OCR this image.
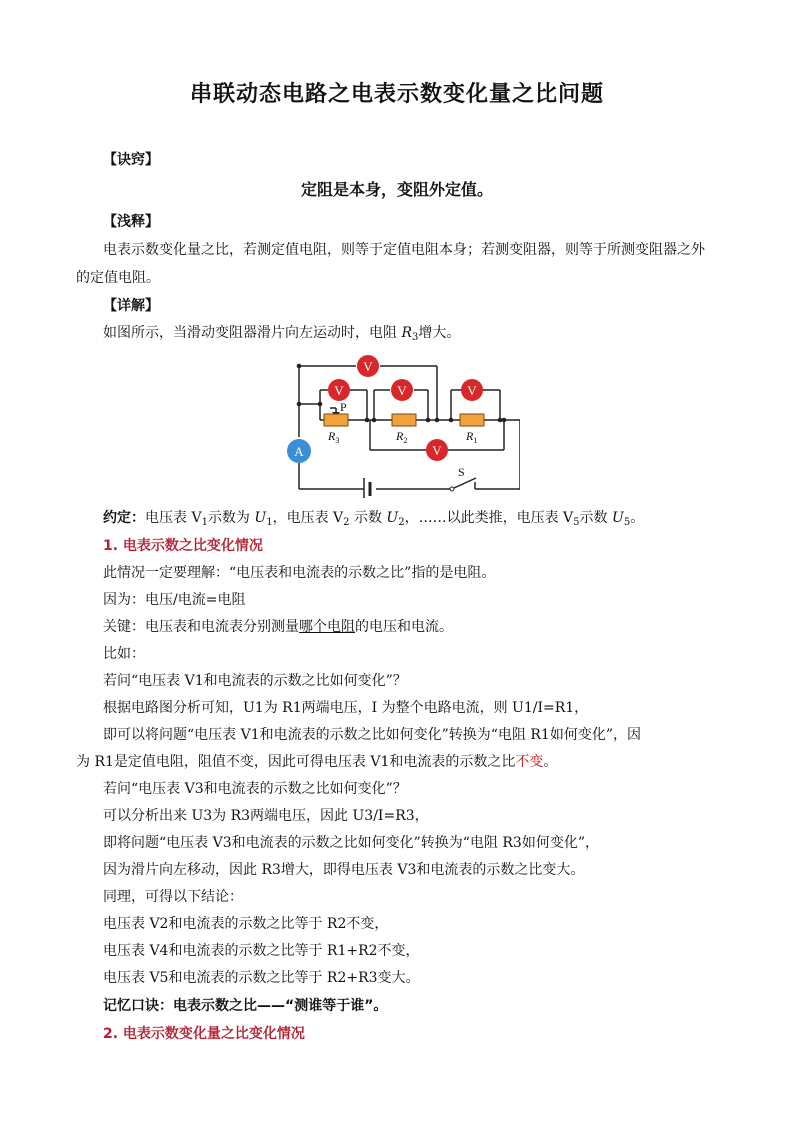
串联动态电路之电表示数变化量之比问题
【诀窍】
定阻是本身，变阻外定值。
【浅释】
电表示数变化量之比，若测定值电阻，则等于定值电阻本身；若测变阻器，则等于所测变阻器之外
的定值电阻。
【详解】
如图所示，当滑动变阻器滑片向左运动时，电阻 $R_3$增大。
V
V	V	V
V
A
P
S
$R_3$	$R_2$	$R_1$
约定：电压表 $V_1$示数为 $U_1$，电压表 $V_2$ 示数 $U_2$，……以此类推，电压表 $V_5$示数 $U_5$。
1. 电表示数之比变化情况
此情况一定要理解：“电压表和电流表的示数之比”指的是电阻。
因为：电压/电流=电阻
关键：电压表和电流表分别测量哪个电阻的电压和电流。
比如：
若问“电压表 V1和电流表的示数之比如何变化”？
根据电路图分析可知，U1为 R1两端电压，I 为整个电路电流，则 U1/I=R1，
即可以将问题“电压表 V1和电流表的示数之比如何变化”转换为“电阻 R1如何变化”，因
为 R1是定值电阻，阻值不变，因此可得电压表 V1和电流表的示数之比不变。
若问“电压表 V3和电流表的示数之比如何变化”？
可以分析出来 U3为 R3两端电压，因此 U3/I=R3，
即将问题“电压表 V3和电流表的示数之比如何变化”转换为“电阻 R3如何变化”，
因为滑片向左移动，因此 R3增大，即得电压表 V3和电流表的示数之比变大。
同理，可得以下结论：
电压表 V2和电流表的示数之比等于 R2不变，
电压表 V4和电流表的示数之比等于 R1+R2不变，
电压表 V5和电流表的示数之比等于 R2+R3变大。
记忆口诀：电表示数之比——“测谁等于谁”。
2. 电表示数变化量之比变化情况
